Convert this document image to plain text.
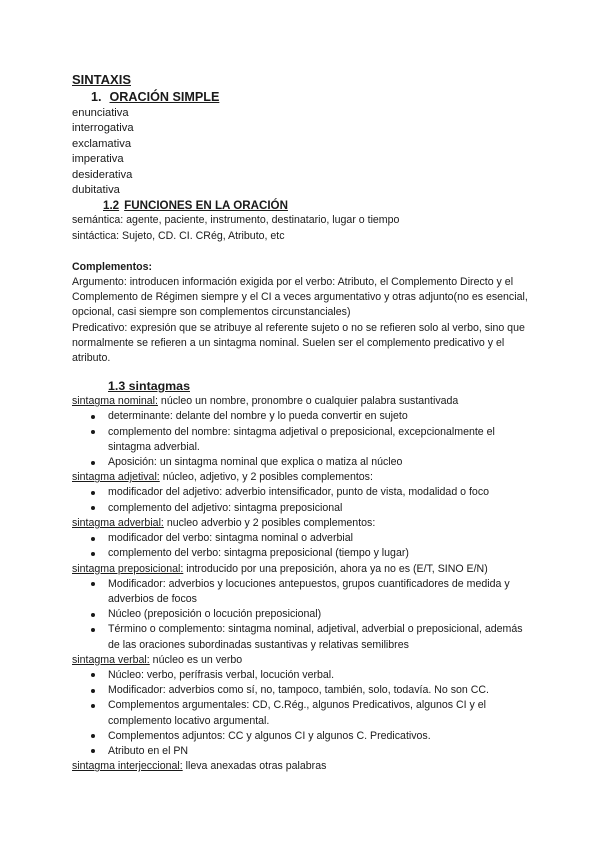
SINTAXIS
1. ORACIÓN SIMPLE
enunciativa
interrogativa
exclamativa
imperativa
desiderativa
dubitativa
1.2 FUNCIONES EN LA ORACIÓN

semántica: agente, paciente, instrumento, destinatario, lugar o tiempo

sintáctica: Sujeto, CD. CI. CRég, Atributo, etc

Complementos:

Argumento: introducen información exigida por el verbo: Atributo, el Complemento Directo y el Complemento de Régimen siempre y el CI a veces argumentativo y otras adjunto(no es esencial, opcional, casi siempre son complementos circunstanciales)

Predicativo: expresión que se atribuye al referente sujeto o no se refieren solo al verbo, sino que normalmente se refieren a un sintagma nominal. Suelen ser el complemento predicativo y el atributo.

1.3 sintagmas

sintagma nominal: núcleo un nombre, pronombre o cualquier palabra sustantivada

determinante: delante del nombre y lo pueda convertir en sujeto
complemento del nombre: sintagma adjetival o preposicional, excepcionalmente el sintagma adverbial.
Aposición: un sintagma nominal que explica o matiza al núcleo

sintagma adjetival: núcleo, adjetivo, y 2 posibles complementos:

modificador del adjetivo: adverbio intensificador, punto de vista, modalidad o foco
complemento del adjetivo: sintagma preposicional

sintagma adverbial: nucleo adverbio y 2 posibles complementos:

modificador del verbo: sintagma nominal o adverbial
complemento del verbo: sintagma preposicional (tiempo y lugar)

sintagma preposicional: introducido por una preposición, ahora ya no es (E/T, SINO E/N)

Modificador: adverbios y locuciones antepuestos, grupos cuantificadores de medida y adverbios de focos
Núcleo (preposición o locución preposicional)
Término o complemento: sintagma nominal, adjetival, adverbial o preposicional, además de las oraciones subordinadas sustantivas y relativas semilibres

sintagma verbal: núcleo es un verbo

Núcleo: verbo, perífrasis verbal, locución verbal.
Modificador: adverbios como sí, no, tampoco, también, solo, todavía. No son CC.
Complementos argumentales: CD, C.Rég., algunos Predicativos, algunos CI y el complemento locativo argumental.
Complementos adjuntos: CC y algunos CI y algunos C. Predicativos.
Atributo en el PN

sintagma interjeccional: lleva anexadas otras palabras
